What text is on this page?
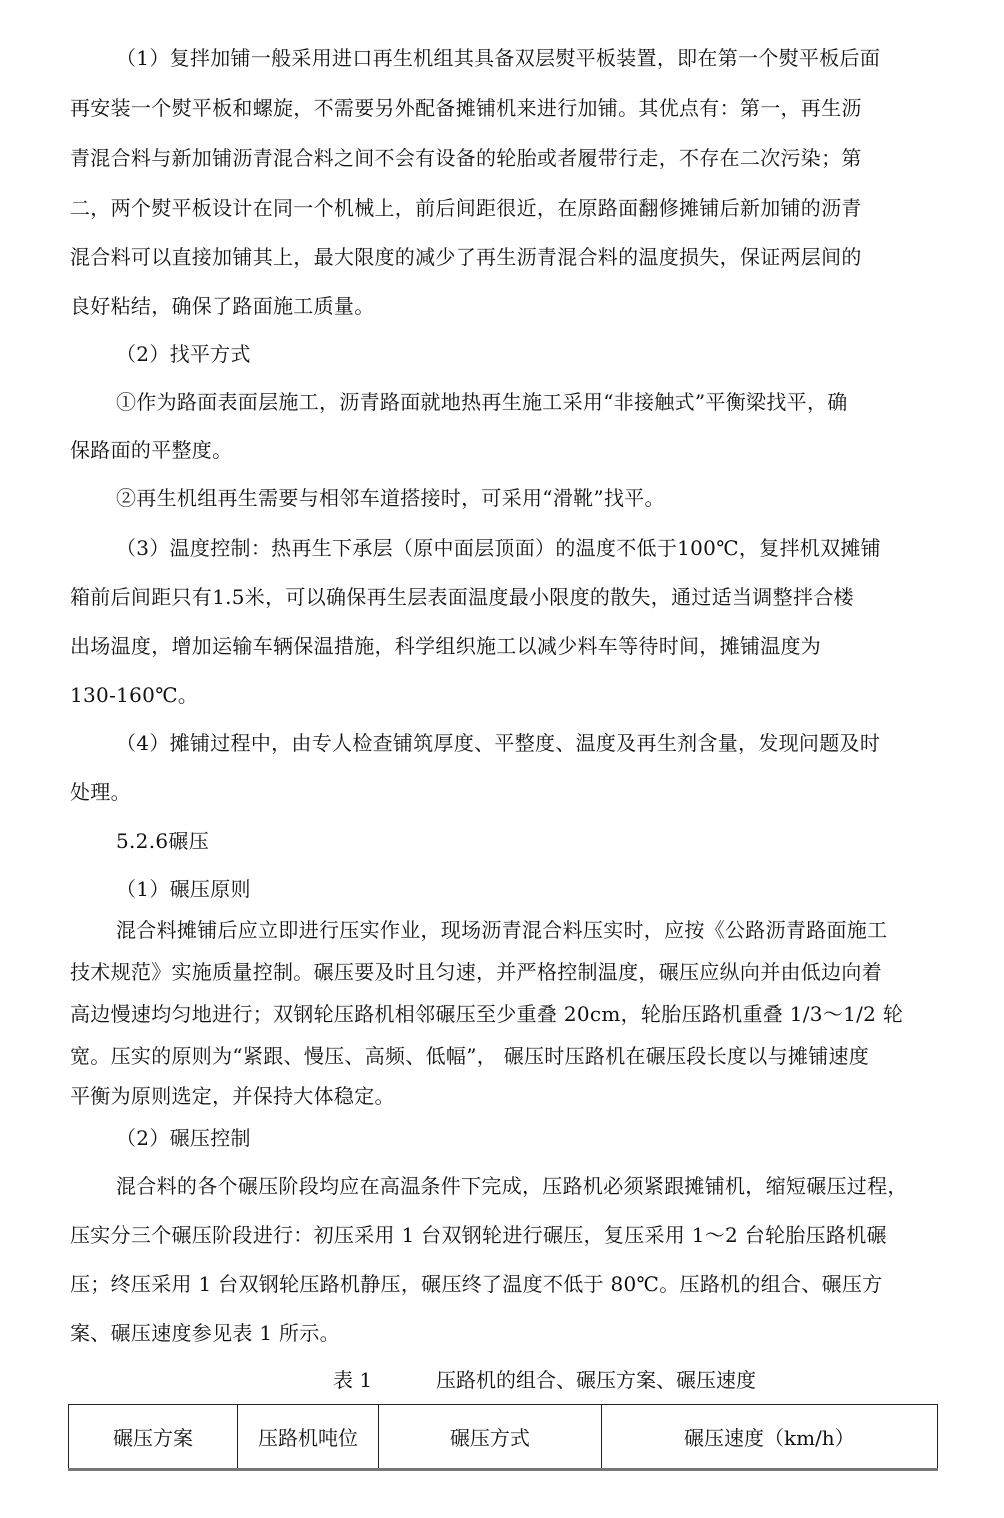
（1）复拌加铺一般采用进口再生机组其具备双层熨平板装置，即在第一个熨平板后面
再安装一个熨平板和螺旋，不需要另外配备摊铺机来进行加铺。其优点有：第一，再生沥
青混合料与新加铺沥青混合料之间不会有设备的轮胎或者履带行走，不存在二次污染；第
二，两个熨平板设计在同一个机械上，前后间距很近，在原路面翻修摊铺后新加铺的沥青
混合料可以直接加铺其上，最大限度的减少了再生沥青混合料的温度损失，保证两层间的
良好粘结，确保了路面施工质量。
（2）找平方式
①作为路面表面层施工，沥青路面就地热再生施工采用“非接触式”平衡梁找平，确
保路面的平整度。
②再生机组再生需要与相邻车道搭接时，可采用“滑靴”找平。
（3）温度控制：热再生下承层（原中面层顶面）的温度不低于100℃，复拌机双摊铺
箱前后间距只有1.5米，可以确保再生层表面温度最小限度的散失，通过适当调整拌合楼
出场温度，增加运输车辆保温措施，科学组织施工以减少料车等待时间，摊铺温度为
130-160℃。
（4）摊铺过程中，由专人检查铺筑厚度、平整度、温度及再生剂含量，发现问题及时
处理。
5.2.6碾压
（1）碾压原则
混合料摊铺后应立即进行压实作业，现场沥青混合料压实时，应按《公路沥青路面施工
技术规范》实施质量控制。碾压要及时且匀速，并严格控制温度，碾压应纵向并由低边向着
高边慢速均匀地进行；双钢轮压路机相邻碾压至少重叠 20cm，轮胎压路机重叠 1/3～1/2 轮
宽。压实的原则为“紧跟、慢压、高频、低幅”， 碾压时压路机在碾压段长度以与摊铺速度
平衡为原则选定，并保持大体稳定。
（2）碾压控制
混合料的各个碾压阶段均应在高温条件下完成，压路机必须紧跟摊铺机，缩短碾压过程，
压实分三个碾压阶段进行：初压采用 1 台双钢轮进行碾压，复压采用 1～2 台轮胎压路机碾
压；终压采用 1 台双钢轮压路机静压，碾压终了温度不低于 80℃。压路机的组合、碾压方
案、碾压速度参见表 1 所示。
表 1	压路机的组合、碾压方案、碾压速度
碾压方案	压路机吨位	碾压方式	碾压速度（km/h）
